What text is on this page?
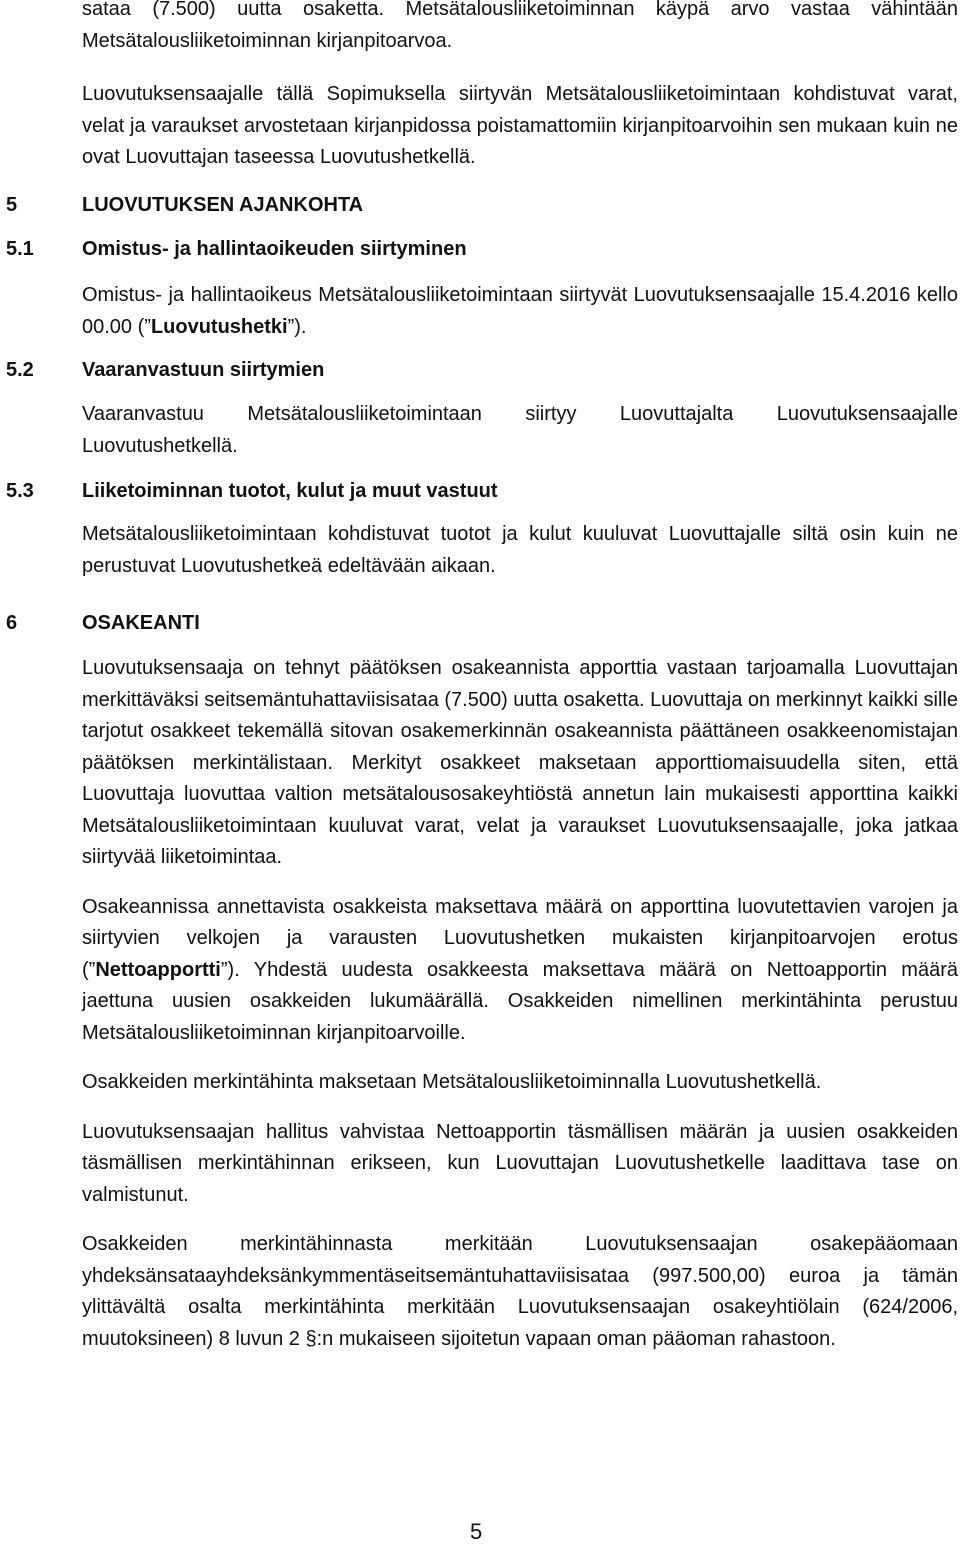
sataa (7.500) uutta osaketta. Metsätalousliiketoiminnan käypä arvo vastaa vähintään Metsätalousliiketoiminnan kirjanpitoarvoa.

Luovutuksensaajalle tällä Sopimuksella siirtyvän Metsätalousliiketoimintaan kohdistuvat varat, velat ja varaukset arvostetaan kirjanpidossa poistamattomiin kirjanpitoarvoihin sen mukaan kuin ne ovat Luovuttajan taseessa Luovutushetkellä.

5	LUOVUTUKSEN AJANKOHTA
5.1	Omistus- ja hallintaoikeuden siirtyminen

Omistus- ja hallintaoikeus Metsätalousliiketoimintaan siirtyvät Luovutuksensaajalle 15.4.2016 kello 00.00 (”Luovutushetki”).

5.2	Vaaranvastuun siirtymien

Vaaranvastuu Metsätalousliiketoimintaan siirtyy Luovuttajalta Luovutuksensaajalle Luovutushetkellä.

5.3	Liiketoiminnan tuotot, kulut ja muut vastuut

Metsätalousliiketoimintaan kohdistuvat tuotot ja kulut kuuluvat Luovuttajalle siltä osin kuin ne perustuvat Luovutushetkeä edeltävään aikaan.

6	OSAKEANTI

Luovutuksensaaja on tehnyt päätöksen osakeannista apporttia vastaan tarjoamalla Luovuttajan merkittäväksi seitsemäntuhattaviisisataa (7.500) uutta osaketta. Luovuttaja on merkinnyt kaikki sille tarjotut osakkeet tekemällä sitovan osakemerkinnän osakeannista päättäneen osakkeenomistajan päätöksen merkintälistaan. Merkityt osakkeet maksetaan apporttiomaisuudella siten, että Luovuttaja luovuttaa valtion metsätalousosakeyhtiöstä annetun lain mukaisesti apporttina kaikki Metsätalousliiketoimintaan kuuluvat varat, velat ja varaukset Luovutuksensaajalle, joka jatkaa siirtyvää liiketoimintaa.

Osakeannissa annettavista osakkeista maksettava määrä on apporttina luovutettavien varojen ja siirtyvien velkojen ja varausten Luovutushetken mukaisten kirjanpitoarvojen erotus (”Nettoapportti”). Yhdestä uudesta osakkeesta maksettava määrä on Nettoapportin määrä jaettuna uusien osakkeiden lukumäärällä. Osakkeiden nimellinen merkintähinta perustuu Metsätalousliiketoiminnan kirjanpitoarvoille.

Osakkeiden merkintähinta maksetaan Metsätalousliiketoiminnalla Luovutushetkellä.

Luovutuksensaajan hallitus vahvistaa Nettoapportin täsmällisen määrän ja uusien osakkeiden täsmällisen merkintähinnan erikseen, kun Luovuttajan Luovutushetkelle laadittava tase on valmistunut.

Osakkeiden merkintähinnasta merkitään Luovutuksensaajan osakepääomaan yhdeksänsataayhdeksänkymmentäseitsemäntuhattaviisisataa (997.500,00) euroa ja tämän ylittävältä osalta merkintähinta merkitään Luovutuksensaajan osakeyhtiölain (624/2006, muutoksineen) 8 luvun 2 §:n mukaiseen sijoitetun vapaan oman pääoman rahastoon.

5
